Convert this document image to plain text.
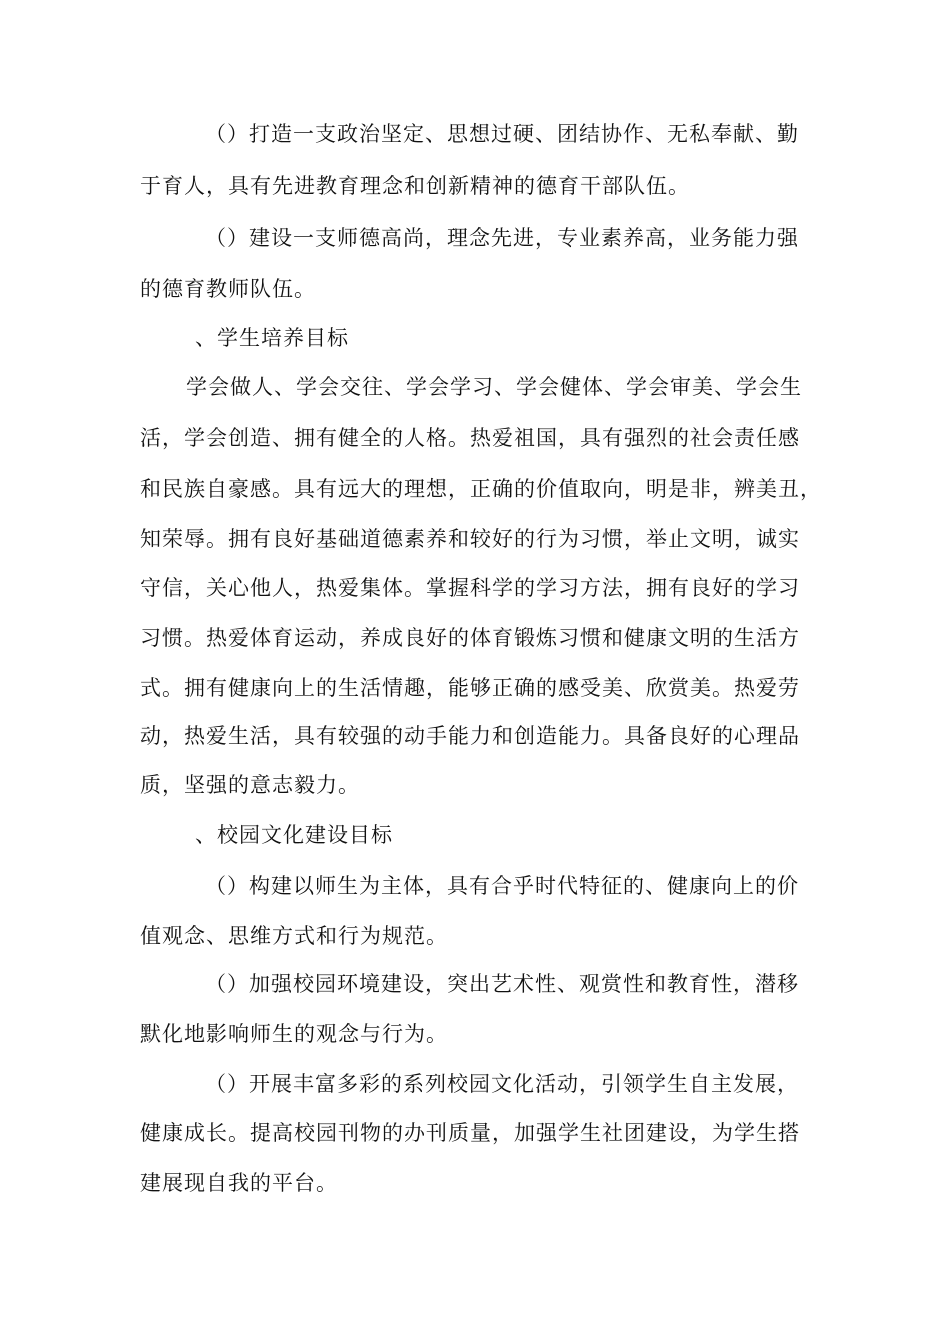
（）打造一支政治坚定、思想过硬、团结协作、无私奉献、勤
于育人，具有先进教育理念和创新精神的德育干部队伍。
（）建设一支师德高尚，理念先进，专业素养高，业务能力强
的德育教师队伍。
、学生培养目标
学会做人、学会交往、学会学习、学会健体、学会审美、学会生
活，学会创造、拥有健全的人格。热爱祖国，具有强烈的社会责任感
和民族自豪感。具有远大的理想，正确的价值取向，明是非，辨美丑，
知荣辱。拥有良好基础道德素养和较好的行为习惯，举止文明，诚实
守信，关心他人，热爱集体。掌握科学的学习方法，拥有良好的学习
习惯。热爱体育运动，养成良好的体育锻炼习惯和健康文明的生活方
式。拥有健康向上的生活情趣，能够正确的感受美、欣赏美。热爱劳
动，热爱生活，具有较强的动手能力和创造能力。具备良好的心理品
质，坚强的意志毅力。
、校园文化建设目标
（）构建以师生为主体，具有合乎时代特征的、健康向上的价
值观念、思维方式和行为规范。
（）加强校园环境建设，突出艺术性、观赏性和教育性，潜移
默化地影响师生的观念与行为。
（）开展丰富多彩的系列校园文化活动，引领学生自主发展，
健康成长。提高校园刊物的办刊质量，加强学生社团建设，为学生搭
建展现自我的平台。
